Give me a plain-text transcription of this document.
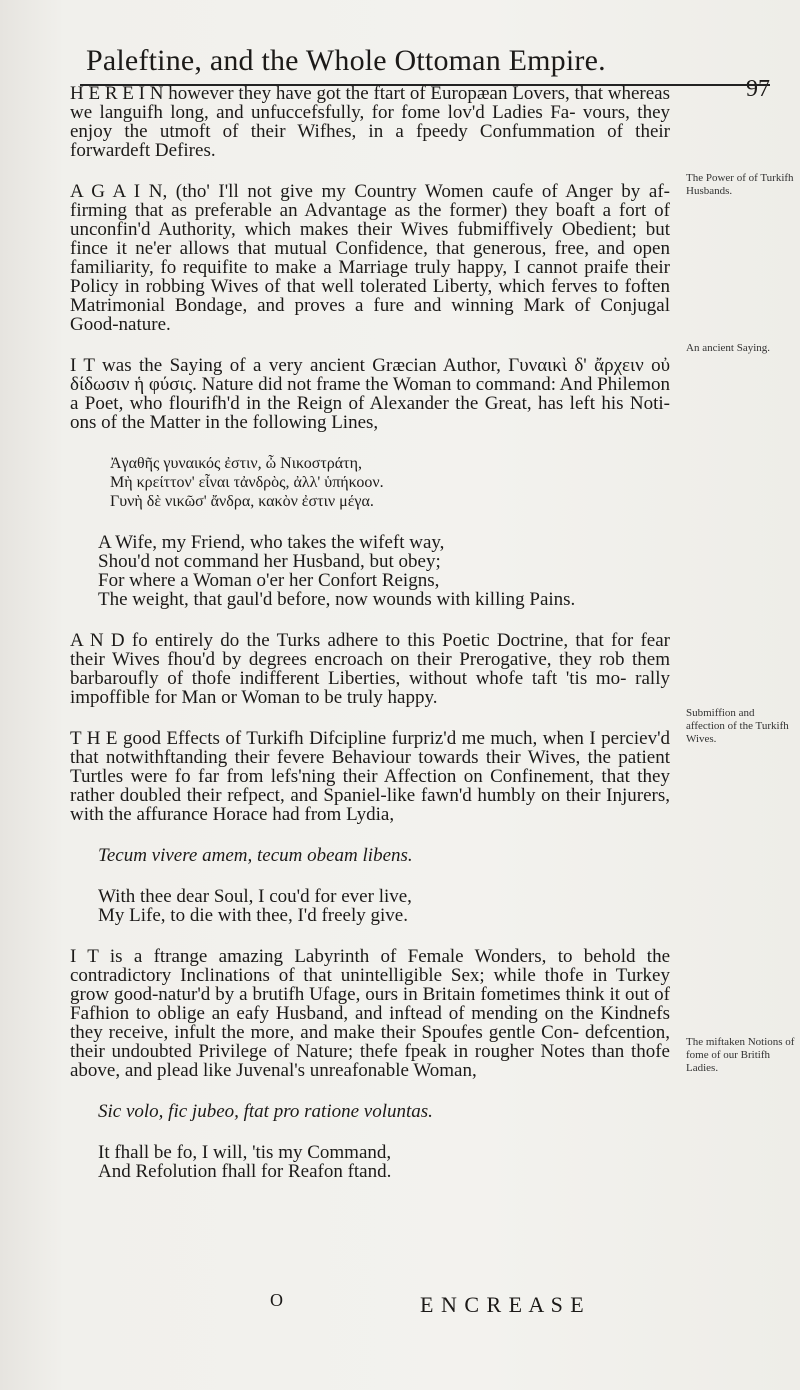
Paleftine, and the Whole Ottoman Empire.
97
The Power of of Turkifh Husbands.
An ancient Saying.
Submiffion and affection of the Turkifh Wives.
The miftaken Notions of fome of our Britifh Ladies.

H E R E I N however they have got the ftart of Europæan Lovers, that whereas we languifh long, and unfuccefsfully, for fome lov'd Ladies Fa- vours, they enjoy the utmoft of their Wifhes, in a fpeedy Confummation of their forwardeft Defires.

A G A I N, (tho' I'll not give my Country Women caufe of Anger by af- firming that as preferable an Advantage as the former) they boaft a fort of unconfin'd Authority, which makes their Wives fubmiffively Obedient; but fince it ne'er allows that mutual Confidence, that generous, free, and open familiarity, fo requifite to make a Marriage truly happy, I cannot praife their Policy in robbing Wives of that well tolerated Liberty, which ferves to foften Matrimonial Bondage, and proves a fure and winning Mark of Conjugal Good-nature.

I T was the Saying of a very ancient Græcian Author, Γυναικὶ δ' ἄρχειν οὐ δίδωσιν ἡ φύσις. Nature did not frame the Woman to command: And Philemon a Poet, who flourifh'd in the Reign of Alexander the Great, has left his Noti- ons of the Matter in the following Lines,

Ἀγαθῆς γυναικός ἐστιν, ὦ Νικοστράτη,
Μὴ κρείττον' εἶναι τἀνδρὸς, ἀλλ' ὑπήκοον.
Γυνὴ δὲ νικῶσ' ἄνδρα, κακὸν ἐστιν μέγα.
A Wife, my Friend, who takes the wifeft way,
Shou'd not command her Husband, but obey;
For where a Woman o'er her Confort Reigns,
The weight, that gaul'd before, now wounds with killing Pains.

A N D fo entirely do the Turks adhere to this Poetic Doctrine, that for fear their Wives fhou'd by degrees encroach on their Prerogative, they rob them barbaroufly of thofe indifferent Liberties, without whofe taft 'tis mo- rally impoffible for Man or Woman to be truly happy.

T H E good Effects of Turkifh Difcipline furpriz'd me much, when I perciev'd that notwithftanding their fevere Behaviour towards their Wives, the patient Turtles were fo far from lefs'ning their Affection on Confinement, that they rather doubled their refpect, and Spaniel-like fawn'd humbly on their Injurers, with the affurance Horace had from Lydia,

Tecum vivere amem, tecum obeam libens.

With thee dear Soul, I cou'd for ever live,
My Life, to die with thee, I'd freely give.

I T is a ftrange amazing Labyrinth of Female Wonders, to behold the contradictory Inclinations of that unintelligible Sex; while thofe in Turkey grow good-natur'd by a brutifh Ufage, ours in Britain fometimes think it out of Fafhion to oblige an eafy Husband, and inftead of mending on the Kindnefs they receive, infult the more, and make their Spoufes gentle Con- defcention, their undoubted Privilege of Nature; thefe fpeak in rougher Notes than thofe above, and plead like Juvenal's unreafonable Woman,

Sic volo, fic jubeo, ftat pro ratione voluntas.

It fhall be fo, I will, 'tis my Command,
And Refolution fhall for Reafon ftand.
O	E N C R E A S E
